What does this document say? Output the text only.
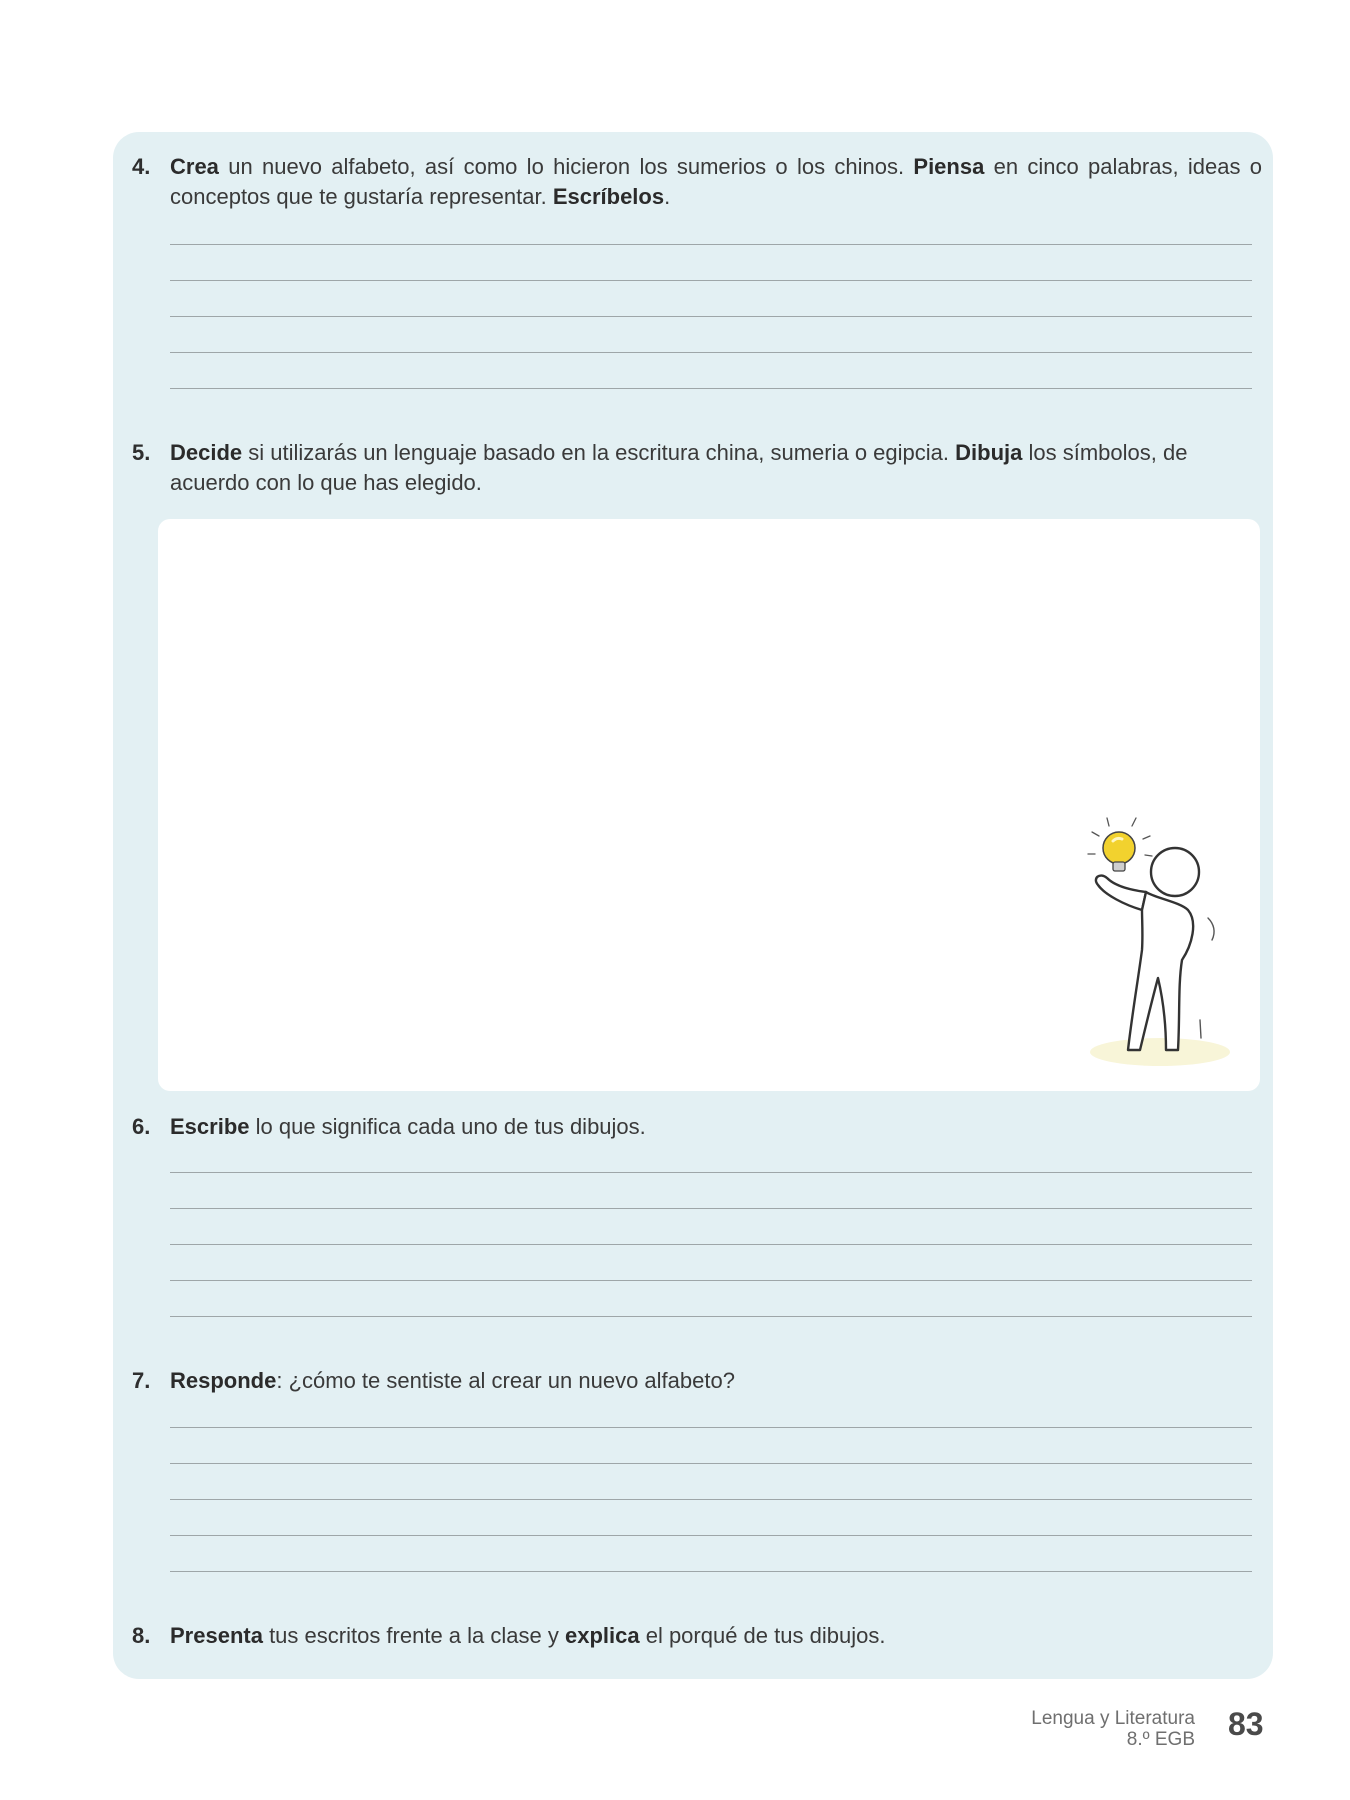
4. Crea un nuevo alfabeto, así como lo hicieron los sumerios o los chinos. Piensa en cinco palabras, ideas o conceptos que te gustaría representar. Escríbelos.
5. Decide si utilizarás un lenguaje basado en la escritura china, sumeria o egipcia. Dibuja los símbolos, de acuerdo con lo que has elegido.
6. Escribe lo que significa cada uno de tus dibujos.
7. Responde: ¿cómo te sentiste al crear un nuevo alfabeto?
8. Presenta tus escritos frente a la clase y explica el porqué de tus dibujos.
Lengua y Literatura
8.º EGB 83
